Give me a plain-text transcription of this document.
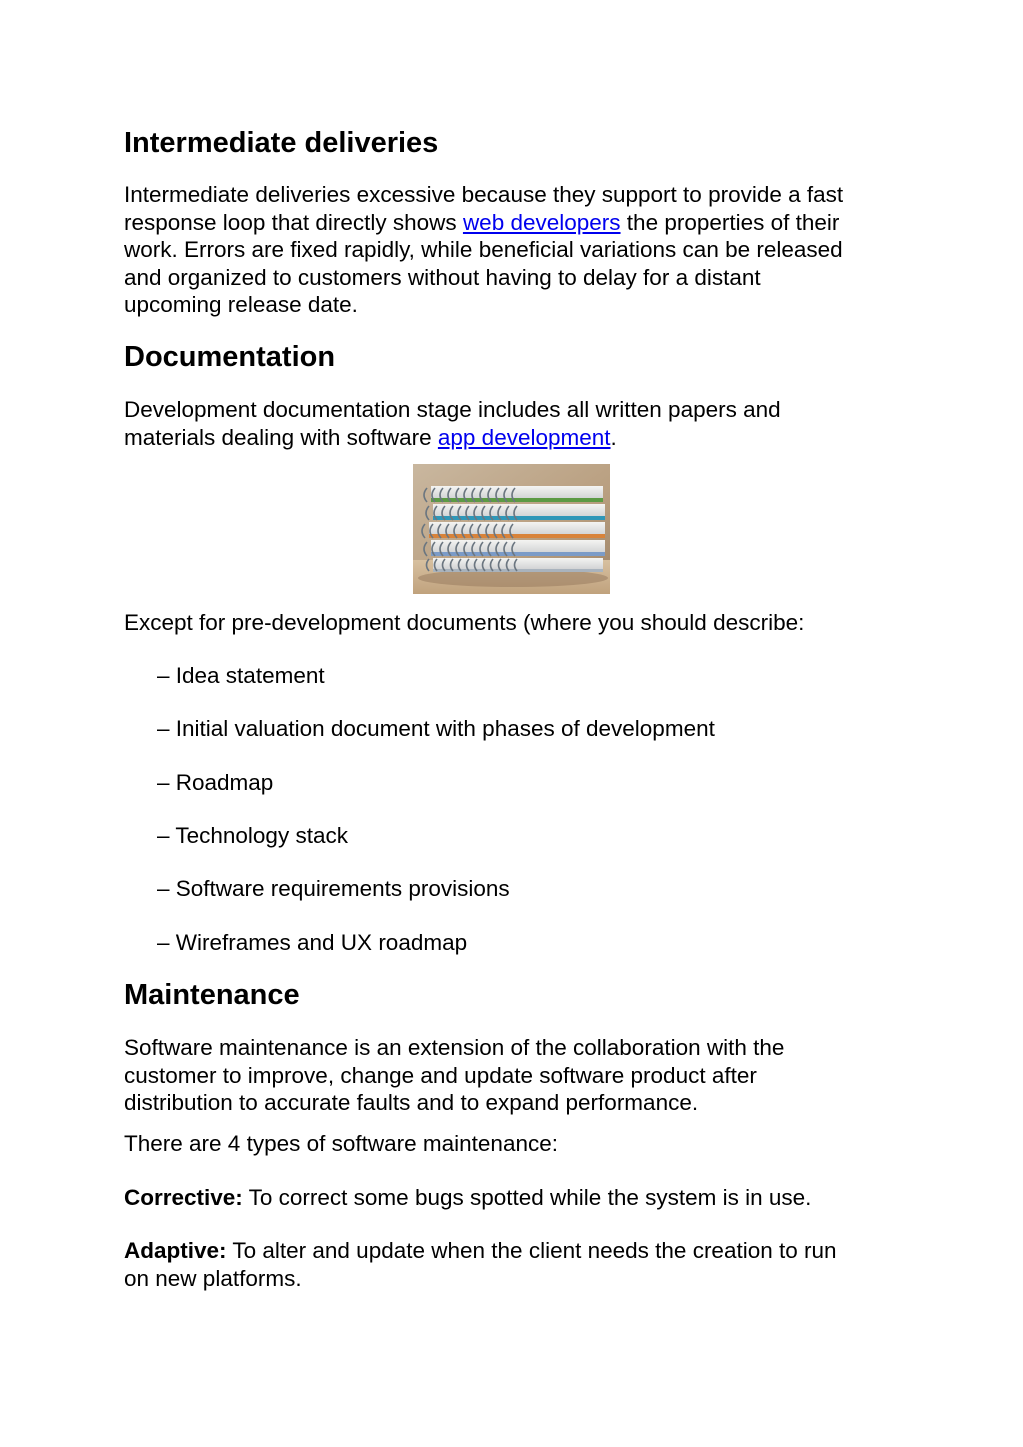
Intermediate deliveries

Intermediate deliveries excessive because they support to provide a fast
response loop that directly shows web developers the properties of their
work. Errors are fixed rapidly, while beneficial variations can be released
and organized to customers without having to delay for a distant
upcoming release date.

Documentation

Development documentation stage includes all written papers and
materials dealing with software app development.

Except for pre-development documents (where you should describe:

– Idea statement

– Initial valuation document with phases of development

– Roadmap

– Technology stack

– Software requirements provisions

– Wireframes and UX roadmap

Maintenance

Software maintenance is an extension of the collaboration with the
customer to improve, change and update software product after
distribution to accurate faults and to expand performance.

There are 4 types of software maintenance:

Corrective: To correct some bugs spotted while the system is in use.

Adaptive: To alter and update when the client needs the creation to run
on new platforms.
